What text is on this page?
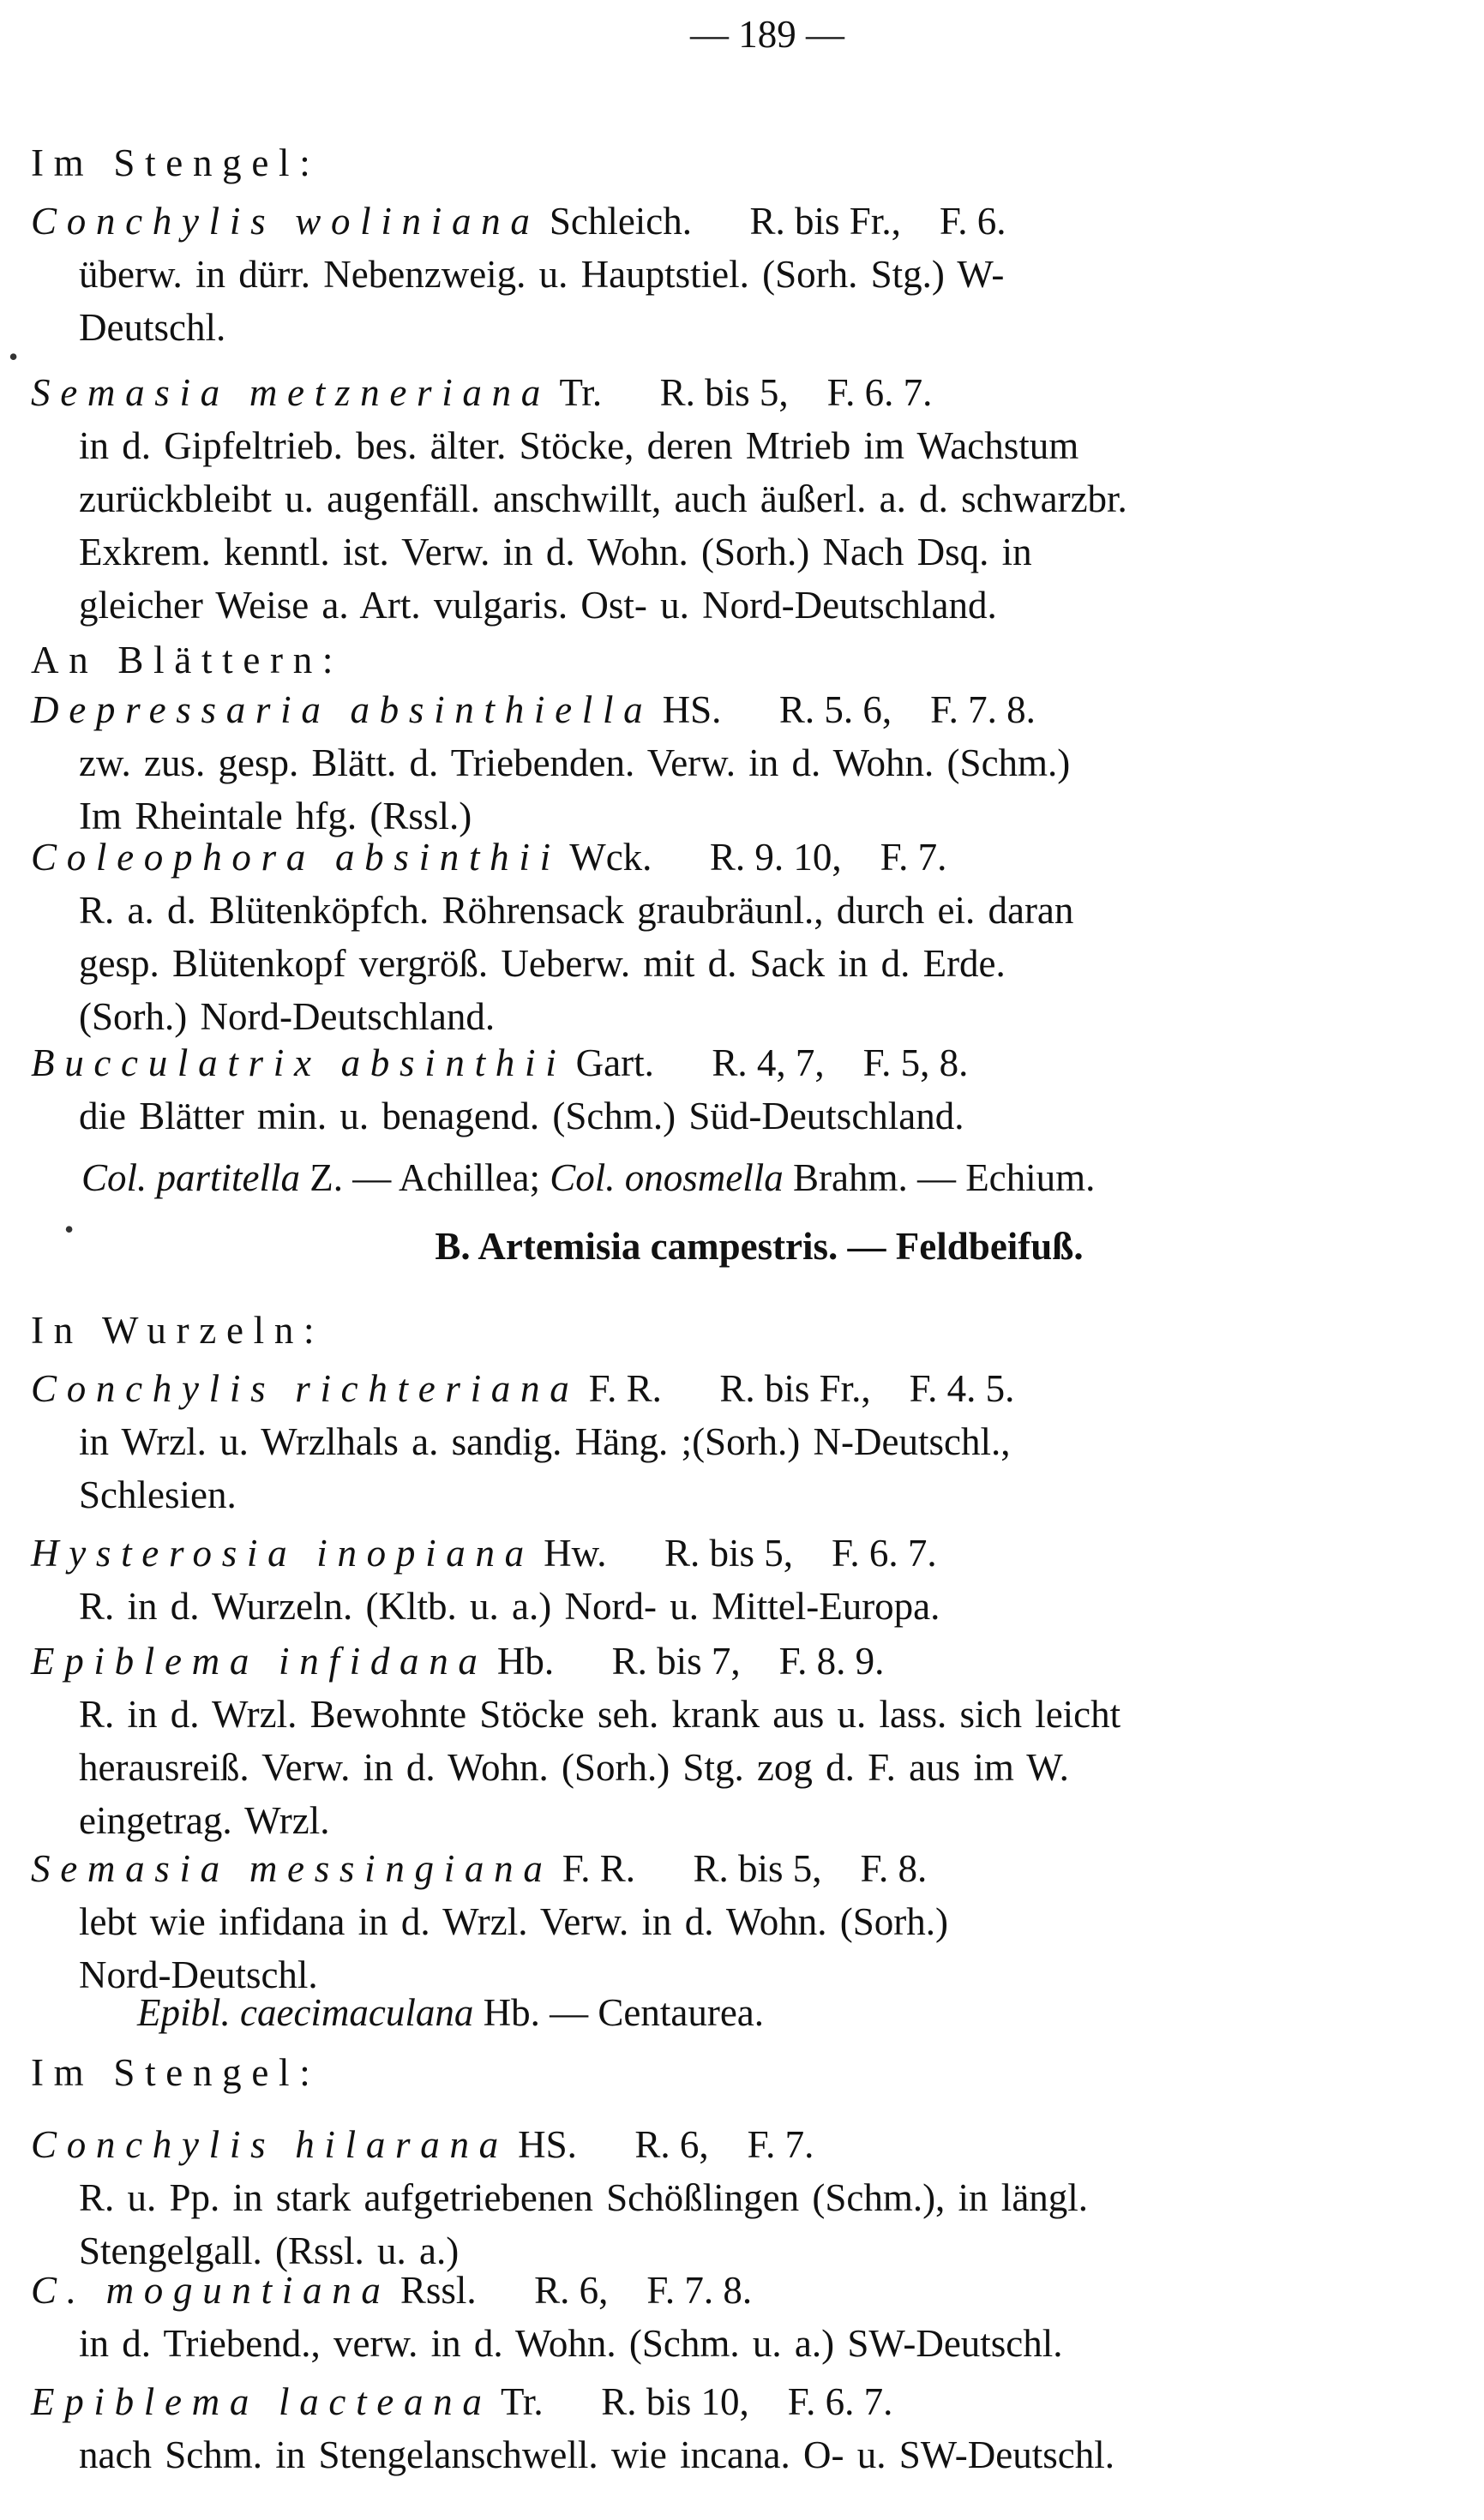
— 189 —
Im Stengel:
Conchylis woliniana Schleich.      R. bis Fr.,    F. 6.
überw. in dürr. Nebenzweig. u. Hauptstiel. (Sorh. Stg.) W-
Deutschl.
Semasia metzneriana Tr.      R. bis 5,    F. 6. 7.
in d. Gipfeltrieb. bes. älter. Stöcke, deren Mtrieb im Wachstum
zurückbleibt u. augenfäll. anschwillt, auch äußerl. a. d. schwarzbr.
Exkrem. kenntl. ist. Verw. in d. Wohn. (Sorh.) Nach Dsq. in
gleicher Weise a. Art. vulgaris. Ost- u. Nord-Deutschland.
An Blättern:
Depressaria absinthiella HS.      R. 5. 6,    F. 7. 8.
zw. zus. gesp. Blätt. d. Triebenden. Verw. in d. Wohn. (Schm.)
Im Rheintale hfg. (Rssl.)
Coleophora absinthii Wck.      R. 9. 10,    F. 7.
R. a. d. Blütenköpfch. Röhrensack graubräunl., durch ei. daran
gesp. Blütenkopf vergröß. Ueberw. mit d. Sack in d. Erde.
(Sorh.) Nord-Deutschland.
Bucculatrix absinthii Gart.      R. 4, 7,    F. 5, 8.
die Blätter min. u. benagend. (Schm.) Süd-Deutschland.
Col. partitella Z. — Achillea; Col. onosmella Brahm. — Echium.
B. Artemisia campestris. — Feldbeifuß.
In Wurzeln:
Conchylis richteriana F. R.      R. bis Fr.,    F. 4. 5.
in Wrzl. u. Wrzlhals a. sandig. Häng. ;(Sorh.) N-Deutschl.,
Schlesien.
Hysterosia inopiana Hw.      R. bis 5,    F. 6. 7.
R. in d. Wurzeln. (Kltb. u. a.) Nord- u. Mittel-Europa.
Epiblema infidana Hb.      R. bis 7,    F. 8. 9.
R. in d. Wrzl. Bewohnte Stöcke seh. krank aus u. lass. sich leicht
herausreiß. Verw. in d. Wohn. (Sorh.) Stg. zog d. F. aus im W.
eingetrag. Wrzl.
Semasia messingiana F. R.      R. bis 5,    F. 8.
lebt wie infidana in d. Wrzl. Verw. in d. Wohn. (Sorh.)
Nord-Deutschl.
Epibl. caecimaculana Hb. — Centaurea.
Im Stengel:
Conchylis hilarana HS.      R. 6,    F. 7.
R. u. Pp. in stark aufgetriebenen Schößlingen (Schm.), in längl.
Stengelgall. (Rssl. u. a.)
C. moguntiana Rssl.      R. 6,    F. 7. 8.
in d. Triebend., verw. in d. Wohn. (Schm. u. a.) SW-Deutschl.
Epiblema lacteana Tr.      R. bis 10,    F. 6. 7.
nach Schm. in Stengelanschwell. wie incana. O- u. SW-Deutschl.
•
•
